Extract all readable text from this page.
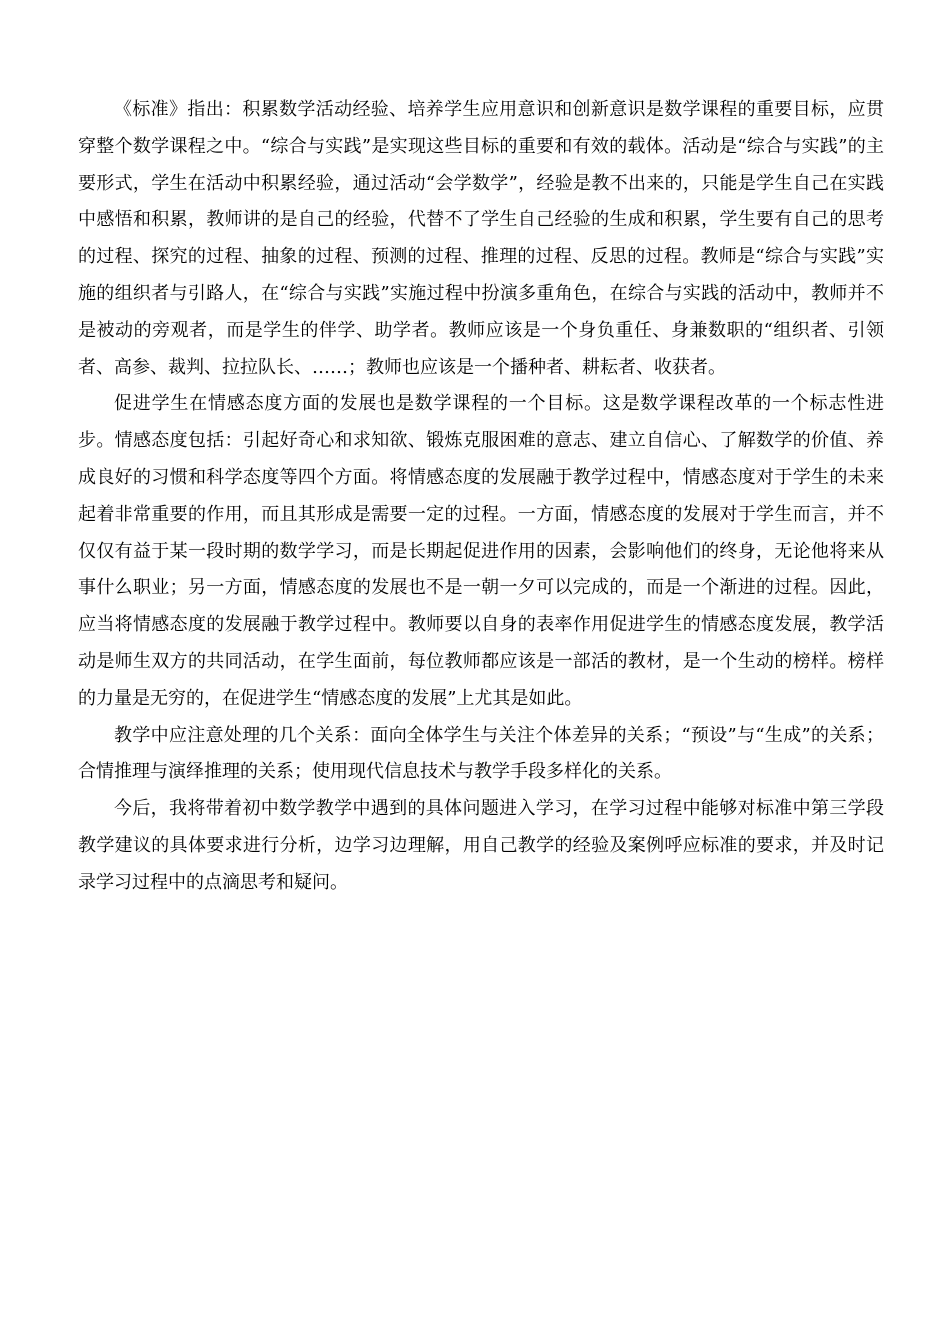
《标准》指出：积累数学活动经验、培养学生应用意识和创新意识是数学课程的重要目标，应贯穿整个数学课程之中。“综合与实践”是实现这些目标的重要和有效的载体。活动是“综合与实践”的主要形式，学生在活动中积累经验，通过活动“会学数学”，经验是教不出来的，只能是学生自己在实践中感悟和积累，教师讲的是自己的经验，代替不了学生自己经验的生成和积累，学生要有自己的思考的过程、探究的过程、抽象的过程、预测的过程、推理的过程、反思的过程。教师是“综合与实践”实施的组织者与引路人，在“综合与实践”实施过程中扮演多重角色，在综合与实践的活动中，教师并不是被动的旁观者，而是学生的伴学、助学者。教师应该是一个身负重任、身兼数职的“组织者、引领者、高参、裁判、拉拉队长、……；教师也应该是一个播种者、耕耘者、收获者。

促进学生在情感态度方面的发展也是数学课程的一个目标。这是数学课程改革的一个标志性进步。情感态度包括：引起好奇心和求知欲、锻炼克服困难的意志、建立自信心、了解数学的价值、养成良好的习惯和科学态度等四个方面。将情感态度的发展融于教学过程中，情感态度对于学生的未来起着非常重要的作用，而且其形成是需要一定的过程。一方面，情感态度的发展对于学生而言，并不仅仅有益于某一段时期的数学学习，而是长期起促进作用的因素，会影响他们的终身，无论他将来从事什么职业；另一方面，情感态度的发展也不是一朝一夕可以完成的，而是一个渐进的过程。因此，应当将情感态度的发展融于教学过程中。教师要以自身的表率作用促进学生的情感态度发展，教学活动是师生双方的共同活动，在学生面前，每位教师都应该是一部活的教材，是一个生动的榜样。榜样的力量是无穷的，在促进学生“情感态度的发展”上尤其是如此。

教学中应注意处理的几个关系：面向全体学生与关注个体差异的关系；“预设”与“生成”的关系；合情推理与演绎推理的关系；使用现代信息技术与教学手段多样化的关系。

今后，我将带着初中数学教学中遇到的具体问题进入学习，在学习过程中能够对标准中第三学段教学建议的具体要求进行分析，边学习边理解，用自己教学的经验及案例呼应标准的要求，并及时记录学习过程中的点滴思考和疑问。
